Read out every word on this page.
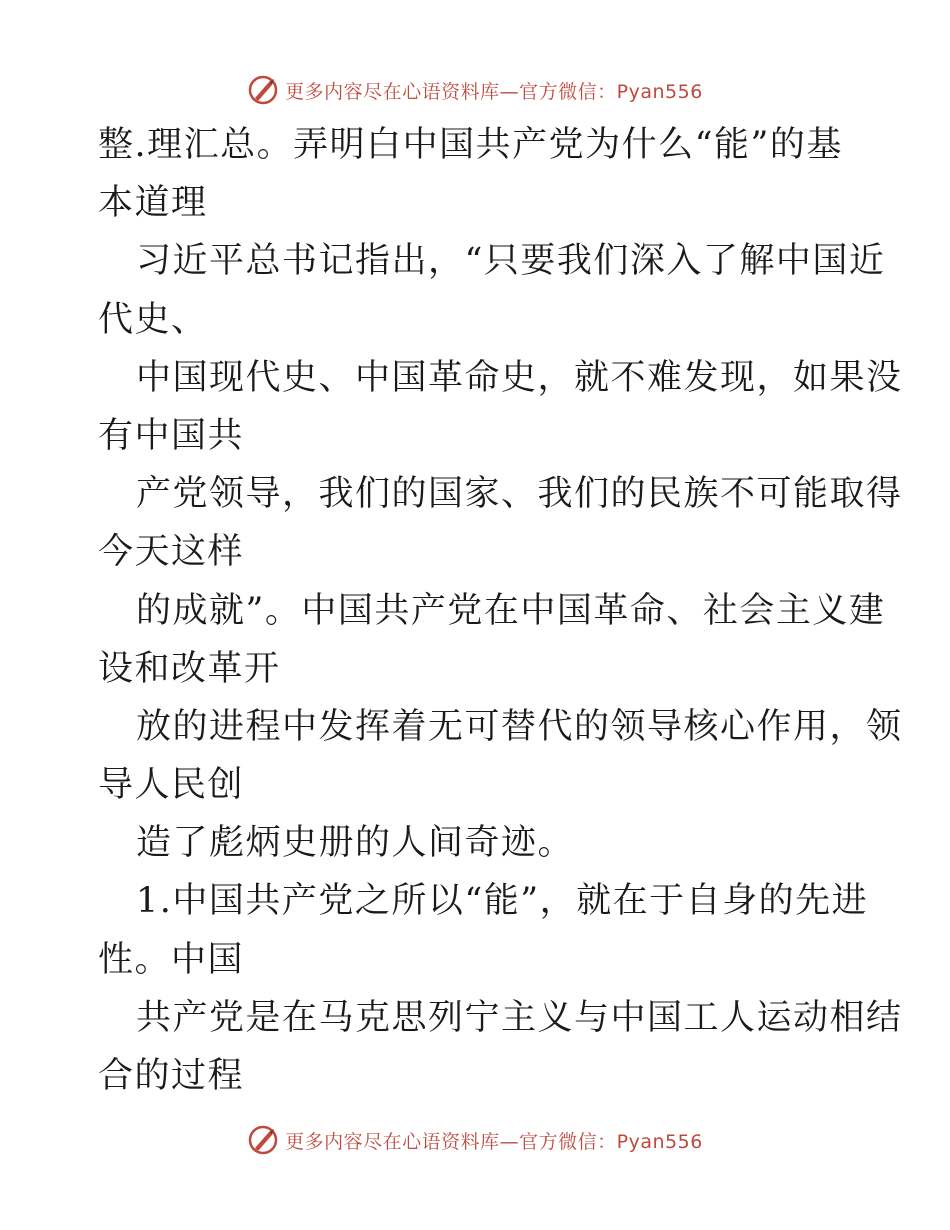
更多内容尽在心语资料库—官方微信：Pyan556
整.理汇总。弄明白中国共产党为什么“能”的基
本道理
习近平总书记指出，“只要我们深入了解中国近
代史、
中国现代史、中国革命史，就不难发现，如果没
有中国共
产党领导，我们的国家、我们的民族不可能取得
今天这样
的成就”。中国共产党在中国革命、社会主义建
设和改革开
放的进程中发挥着无可替代的领导核心作用，领
导人民创
造了彪炳史册的人间奇迹。
1.中国共产党之所以“能”，就在于自身的先进
性。中国
共产党是在马克思列宁主义与中国工人运动相结
合的过程
更多内容尽在心语资料库—官方微信：Pyan556
